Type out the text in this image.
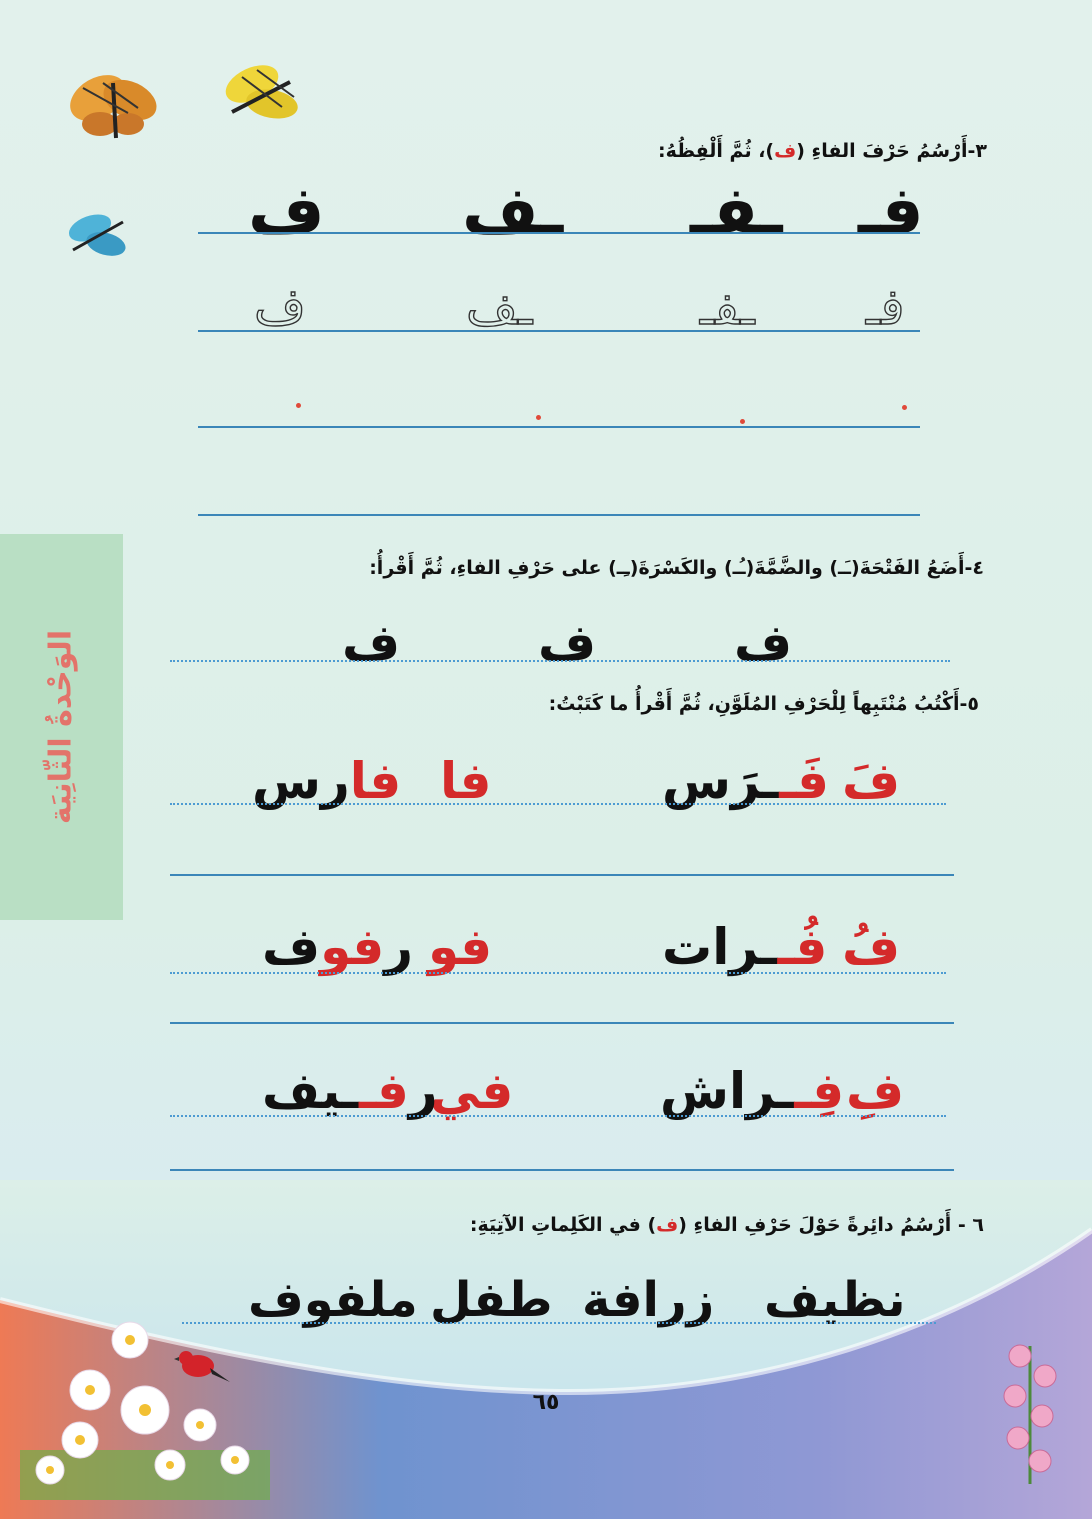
الوَحْدةُ الثّانِيَة
٣-أَرْسُمُ حَرْفَ الفاءِ (ف)، ثُمَّ أَلْفِظُهُ:
فـ
ـفـ
ـف
ف
فـ
ـفـ
ـف
ف
٤-أَضَعُ الفَتْحَةَ(ـَـ) والضَّمَّةَ(ـُـ) والكَسْرَةَ(ـِـ) على حَرْفِ الفاءِ، ثُمَّ أَقْرأُ:
ف
ف
ف
٥-أَكْتُبُ مُنْتَبِهاً لِلْحَرْفِ المُلَوَّنِ، ثُمَّ أَقْرأُ ما كَتَبْتُ:
فَ
فَــرَس
فا
فارس
فُ
فُــرات
فو
رفوف
فِ
فِــراش
في
رفــيف
٦ - أَرْسُمُ دائِرةً حَوْلَ حَرْفِ الفاءِ (ف) في الكَلِماتِ الآتِيَةِ:
نظيف
زرافة
طفل
ملفوف
٦٥
